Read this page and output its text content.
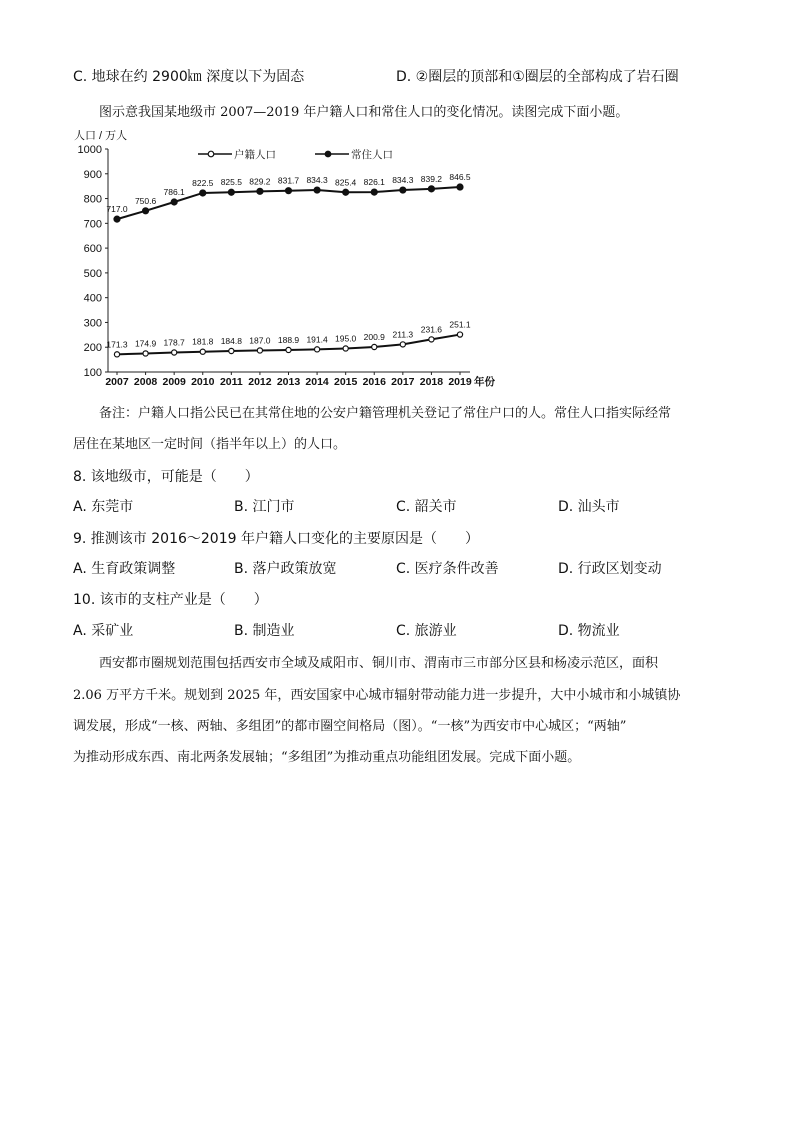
C. 地球在约 2900㎞ 深度以下为固态	D. ②圈层的顶部和①圈层的全部构成了岩石圈
图示意我国某地级市 2007—2019 年户籍人口和常住人口的变化情况。读图完成下面小题。
人口 / 万人
100
200
300
400
500
600
700
800
900
1000
2007 2008 2009 2010 2011 2012 2013 2014 2015 2016 2017 2018 2019 年份
171.3 174.9 178.7 181.8 184.8 187.0 188.9 191.4 195.0 200.9 211.3
231.6 251.1
717.0
750.6
786.1
822.5 825.5 829.2 831.7 834.3 825.4 826.1 834.3 839.2 846.5
户籍人口	常住人口
备注：户籍人口指公民已在其常住地的公安户籍管理机关登记了常住户口的人。常住人口指实际经常
居住在某地区一定时间（指半年以上）的人口。
8. 该地级市，可能是（　　）
A. 东莞市	B. 江门市	C. 韶关市	D. 汕头市
9. 推测该市 2016～2019 年户籍人口变化的主要原因是（　　）
A. 生育政策调整	B. 落户政策放宽	C. 医疗条件改善	D. 行政区划变动
10. 该市的支柱产业是（　　）
A. 采矿业	B. 制造业	C. 旅游业	D. 物流业
西安都市圈规划范围包括西安市全域及咸阳市、铜川市、渭南市三市部分区县和杨凌示范区，面积
2.06 万平方千米。规划到 2025 年，西安国家中心城市辐射带动能力进一步提升，大中小城市和小城镇协
调发展，形成“一核、两轴、多组团”的都市圈空间格局（图）。“一核”为西安市中心城区；“两轴”
为推动形成东西、南北两条发展轴；“多组团”为推动重点功能组团发展。完成下面小题。
